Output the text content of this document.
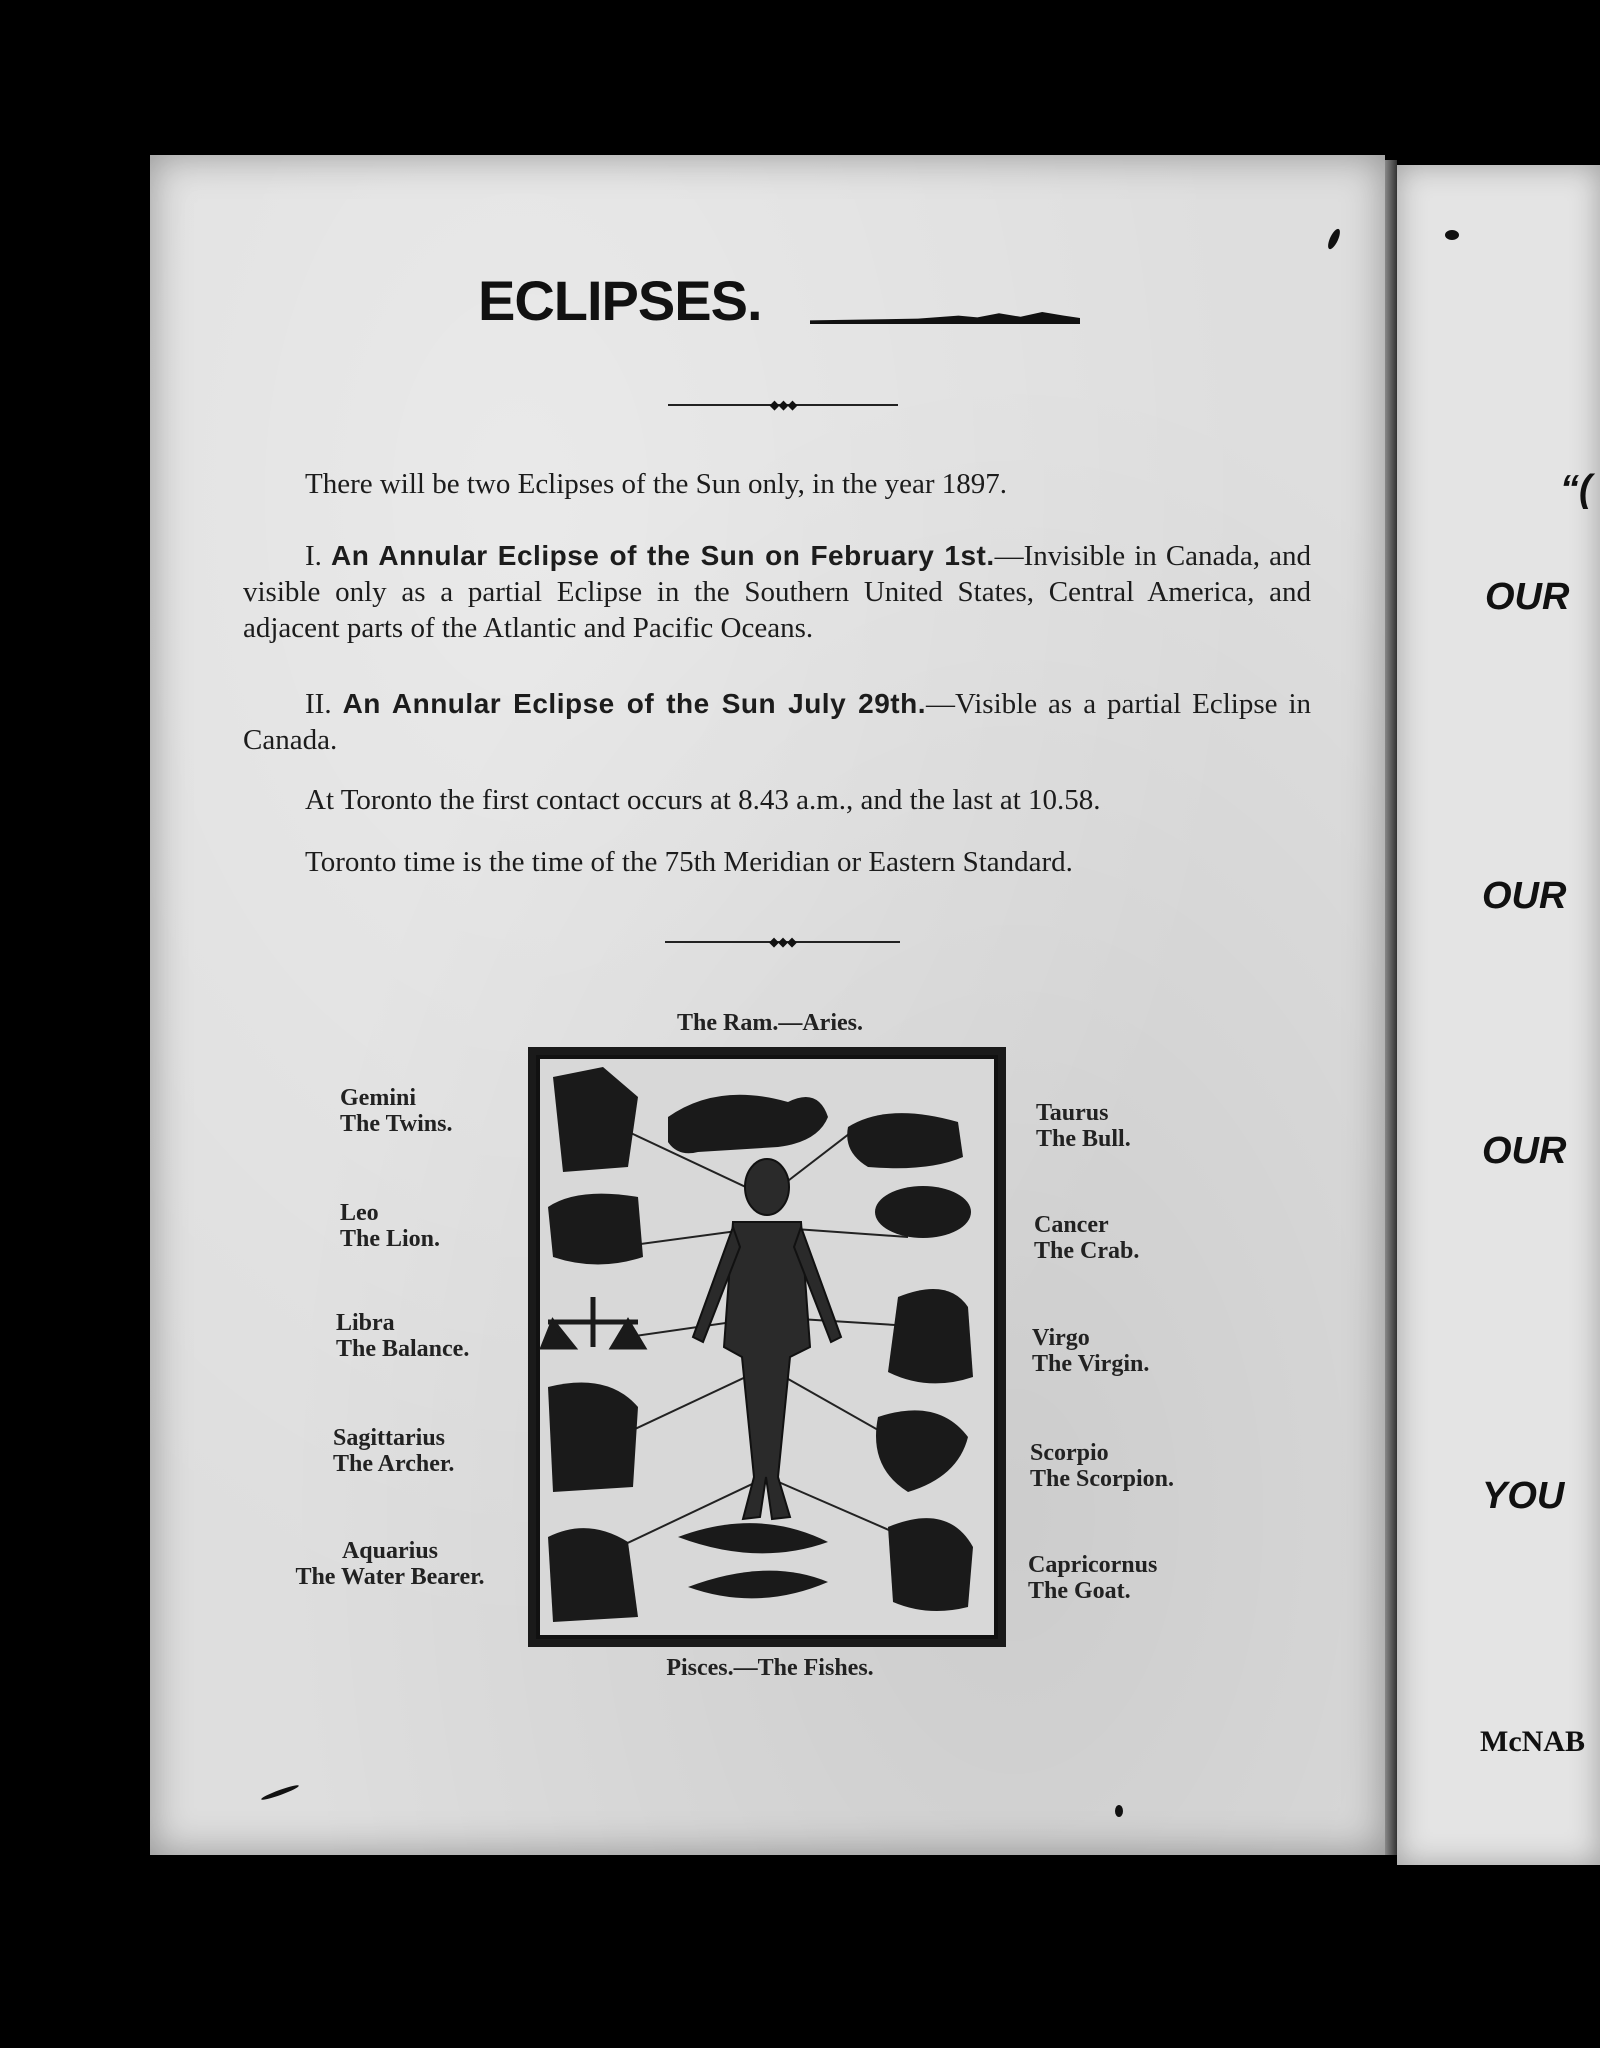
ECLIPSES.
◆◆◆
There will be two Eclipses of the Sun only, in the year 1897.
I. An Annular Eclipse of the Sun on February 1st.—Invisible in Canada, and visible only as a partial Eclipse in the Southern United States, Central America, and adjacent parts of the Atlantic and Pacific Oceans.
II. An Annular Eclipse of the Sun July 29th.—Visible as a partial Eclipse in Canada.
At Toronto the first contact occurs at 8.43 a.m., and the last at 10.58.
Toronto time is the time of the 75th Meridian or Eastern Standard.
◆◆◆
The Ram.—Aries.
Pisces.—The Fishes.
Gemini
The Twins.
Leo
The Lion.
Libra
The Balance.
Sagittarius
The Archer.
Aquarius
The Water Bearer.
Taurus
The Bull.
Cancer
The Crab.
Virgo
The Virgin.
Scorpio
The Scorpion.
Capricornus
The Goat.
“(
OUR
OUR
OUR
YOU
McNAB
